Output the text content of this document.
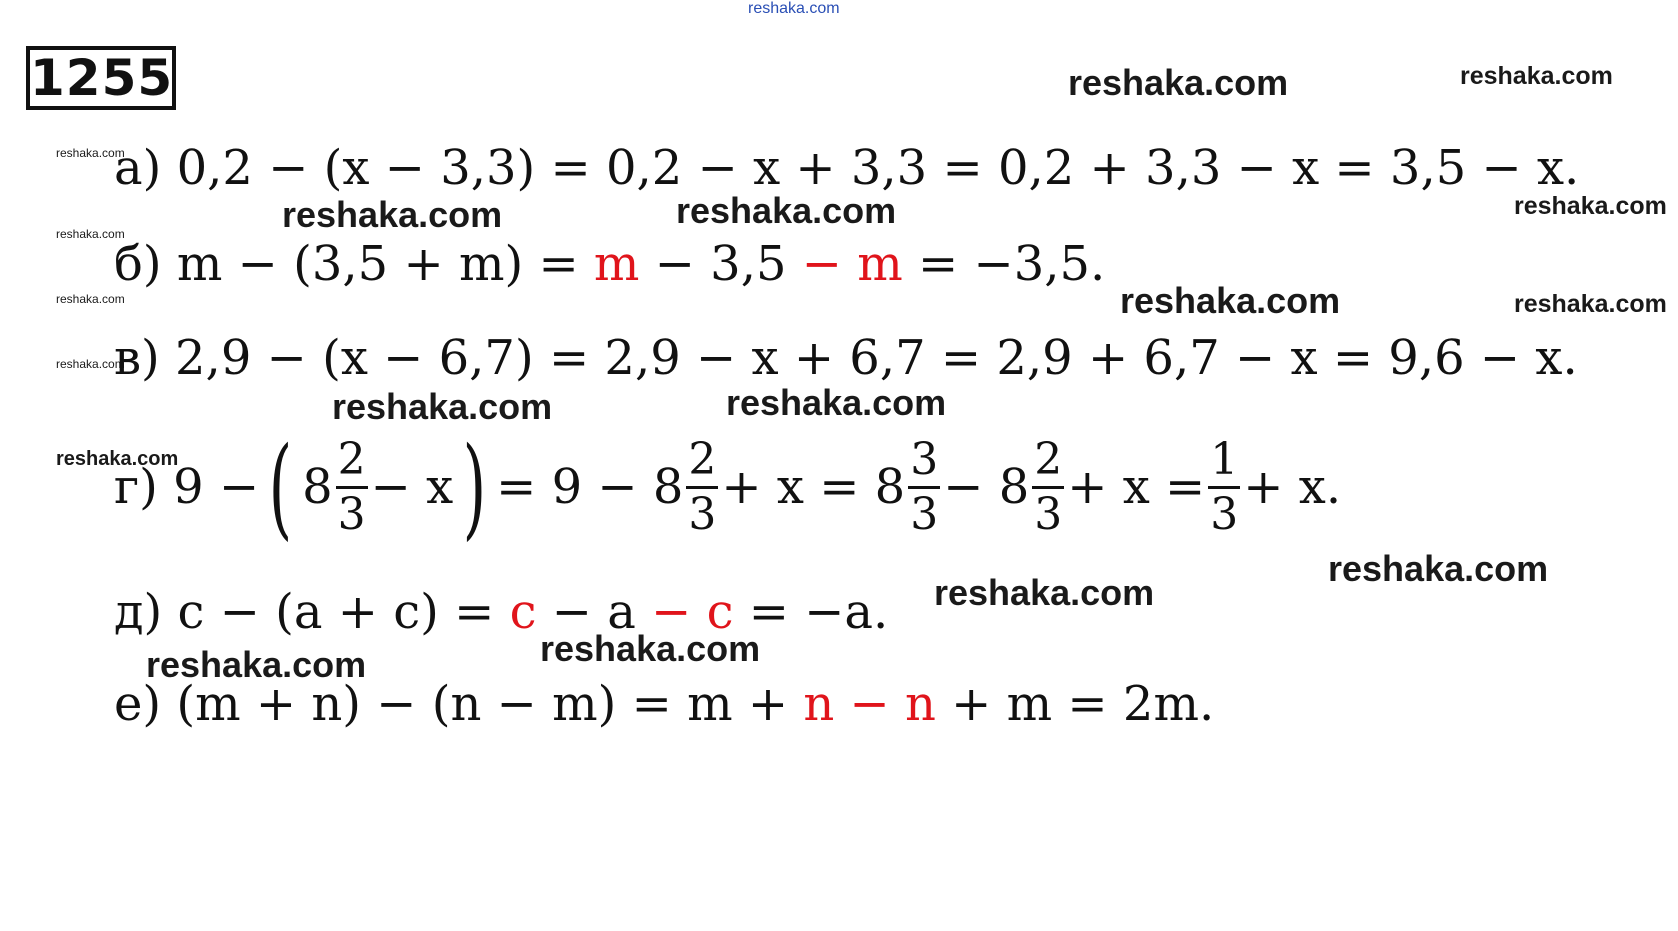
reshaka.com
1255	reshaka.com	reshaka.com
reshaka.com
reshaka.com	reshaka.com	reshaka.com
reshaka.com
reshaka.com	reshaka.com	reshaka.com
reshaka.com
reshaka.com	reshaka.com
reshaka.com
reshaka.com
reshaka.com
reshaka.com	reshaka.com
а) 0,2 − (x − 3,3) = 0,2 − x + 3,3 = 0,2 + 3,3 − x = 3,5 − x.
б) m − (3,5 + m) = m − 3,5 − m = −3,5.
в) 2,9 − (x − 6,7) = 2,9 − x + 6,7 = 2,9 + 6,7 − x = 9,6 − x.
г)
9 − ( $8 \frac{2}{3} - x$ ) = $9 - 8 \frac{2}{3} + x = 8 \frac{3}{3} - 8 \frac{2}{3} + x = \frac{1}{3} + x$.
д) c − (a + c) = c − a − c = −a.
е) (m + n) − (n − m) = m + n − n + m = 2m.
